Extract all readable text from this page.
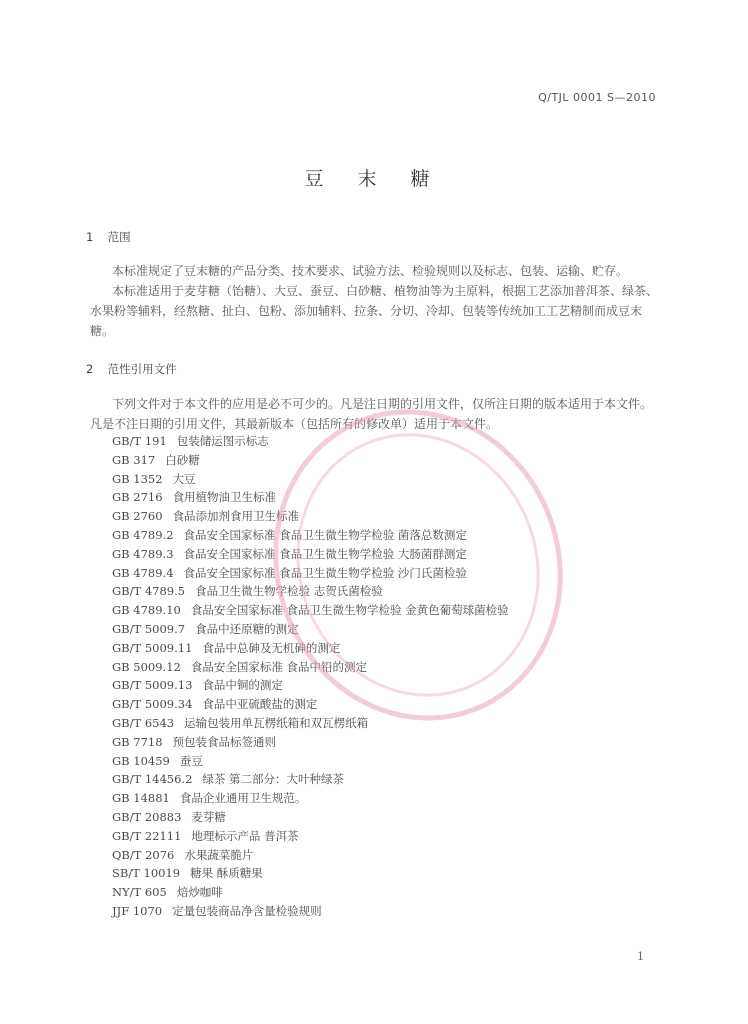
Q/TJL 0001 S—2010
豆 末 糖
1 范围

本标准规定了豆末糖的产品分类、技术要求、试验方法、检验规则以及标志、包装、运输、贮存。

本标准适用于麦芽糖（饴糖）、大豆、蚕豆、白砂糖、植物油等为主原料，根据工艺添加普洱茶、绿茶、水果粉等辅料，经熬糖、扯白、包粉、添加辅料、拉条、分切、冷却、包装等传统加工工艺精制而成豆末糖。

2 范性引用文件

下列文件对于本文件的应用是必不可少的。凡是注日期的引用文件，仅所注日期的版本适用于本文件。凡是不注日期的引用文件，其最新版本（包括所有的修改单）适用于本文件。

GB/T 191 包装储运图示标志
GB 317 白砂糖
GB 1352 大豆
GB 2716 食用植物油卫生标准
GB 2760 食品添加剂食用卫生标准
GB 4789.2 食品安全国家标准 食品卫生微生物学检验 菌落总数测定
GB 4789.3 食品安全国家标准 食品卫生微生物学检验 大肠菌群测定
GB 4789.4 食品安全国家标准 食品卫生微生物学检验 沙门氏菌检验
GB/T 4789.5 食品卫生微生物学检验 志贺氏菌检验
GB 4789.10 食品安全国家标准 食品卫生微生物学检验 金黄色葡萄球菌检验
GB/T 5009.7 食品中还原糖的测定
GB/T 5009.11 食品中总砷及无机砷的测定
GB 5009.12 食品安全国家标准 食品中铅的测定
GB/T 5009.13 食品中铜的测定
GB/T 5009.34 食品中亚硫酸盐的测定
GB/T 6543 运输包装用单瓦楞纸箱和双瓦楞纸箱
GB 7718 预包装食品标签通则
GB 10459 蚕豆
GB/T 14456.2 绿茶 第二部分：大叶种绿茶
GB 14881 食品企业通用卫生规范。
GB/T 20883 麦芽糖
GB/T 22111 地理标示产品 普洱茶
QB/T 2076 水果蔬菜脆片
SB/T 10019 糖果 酥质糖果
NY/T 605 焙炒咖啡
JJF 1070 定量包装商品净含量检验规则
1
